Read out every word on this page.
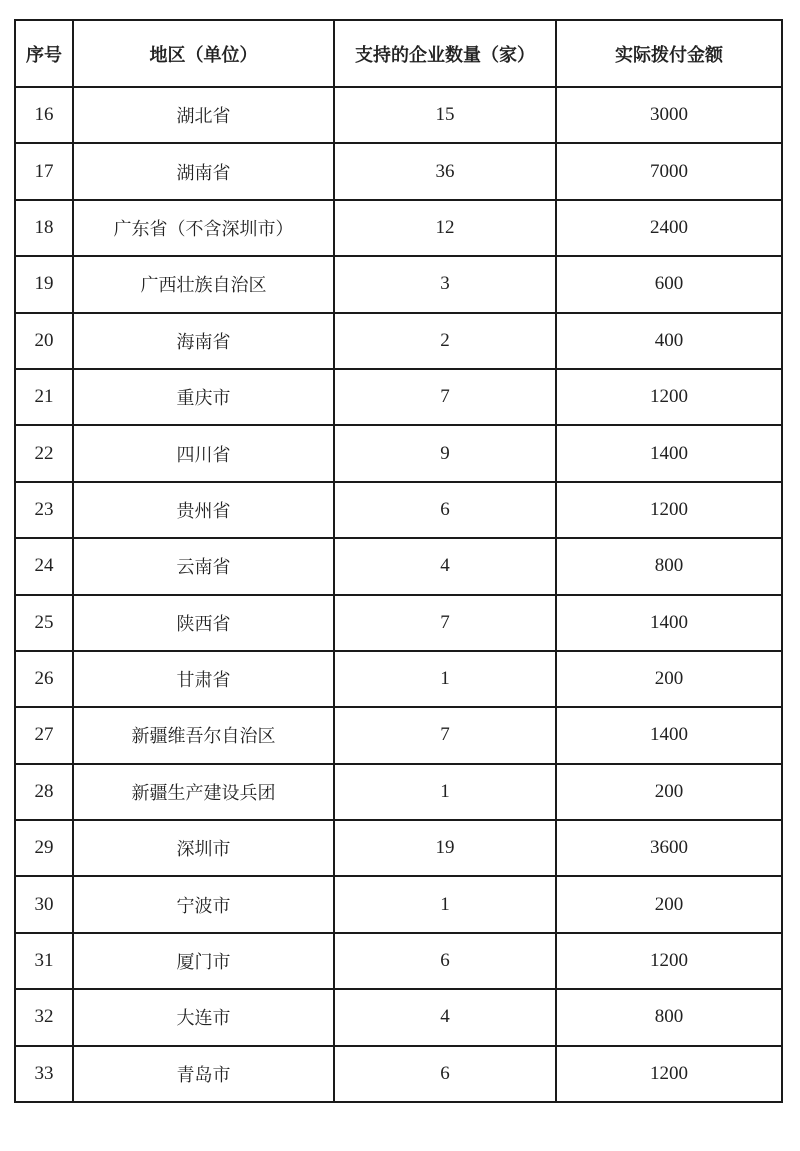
序号	地区（单位）	支持的企业数量（家）	实际拨付金额
16	湖北省	15	3000
17	湖南省	36	7000
18	广东省（不含深圳市）	12	2400
19	广西壮族自治区	3	600
20	海南省	2	400
21	重庆市	7	1200
22	四川省	9	1400
23	贵州省	6	1200
24	云南省	4	800
25	陕西省	7	1400
26	甘肃省	1	200
27	新疆维吾尔自治区	7	1400
28	新疆生产建设兵团	1	200
29	深圳市	19	3600
30	宁波市	1	200
31	厦门市	6	1200
32	大连市	4	800
33	青岛市	6	1200
